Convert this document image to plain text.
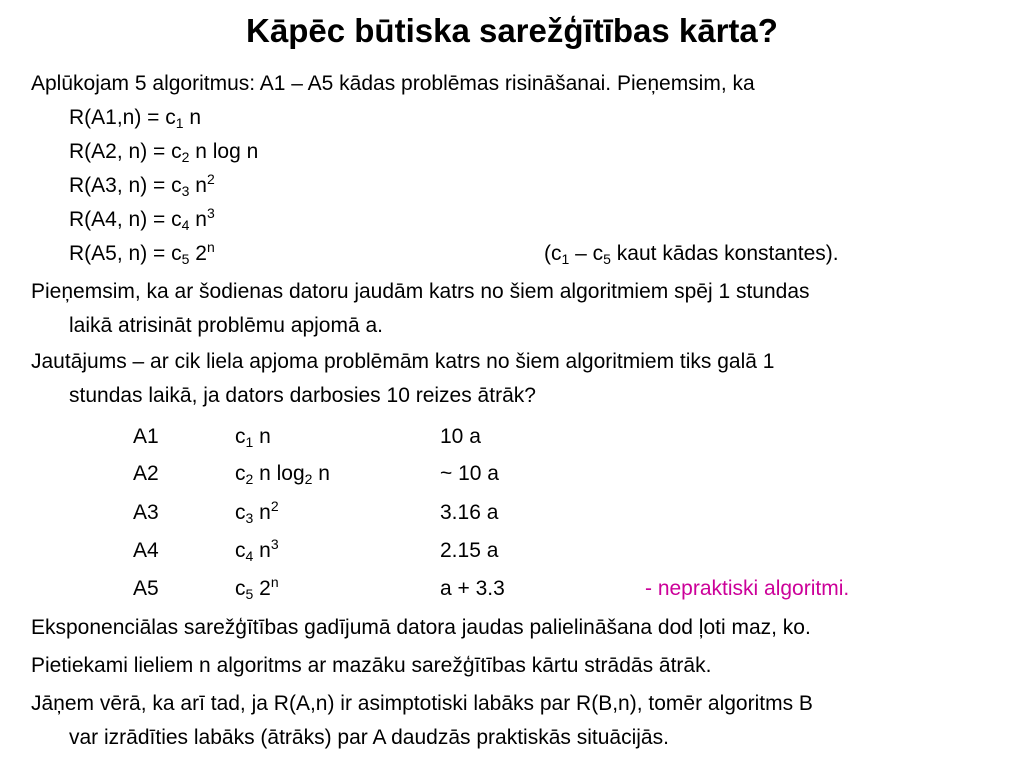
Kāpēc būtiska sarežģītības kārta?
Aplūkojam 5 algoritmus: A1 – A5 kādas problēmas risināšanai. Pieņemsim, ka
$R(A1,n) = c_1$ n
R(A2, $n) = c_2$ n log n
R(A3, $n) = c_3$ $n^2$
R(A4, $n) = c_4$ $n^3$
R(A5, $n) = c_5$ 2$^n$	($c_1 - c_5$ kaut kādas konstantes).
Pieņemsim, ka ar šodienas datoru jaudām katrs no šiem algoritmiem spēj 1 stundas
laikā atrisināt problēmu apjomā a.
Jautājums – ar cik liela apjoma problēmām katrs no šiem algoritmiem tiks galā 1
stundas laikā, ja dators darbosies 10 reizes ātrāk?
A1	$c_1$ n	10 a
A2	$c_2$ n $\log_2 n$	~ 10 a
A3	$c_3$ $n^2$	3.16 a
A4	$c_4$ $n^3$	2.15 a
A5	$c_5$ 2$^n$	a + 3.3	- nepraktiski algoritmi.
Eksponenciālas sarežģītības gadījumā datora jaudas palielināšana dod ļoti maz, ko.
Pietiekami lieliem n algoritms ar mazāku sarežģītības kārtu strādās ātrāk.
Jāņem vērā, ka arī tad, ja R(A,n) ir asimptotiski labāks par R(B,n), tomēr algoritms B
var izrādīties labāks (ātrāks) par A daudzās praktiskās situācijās.
